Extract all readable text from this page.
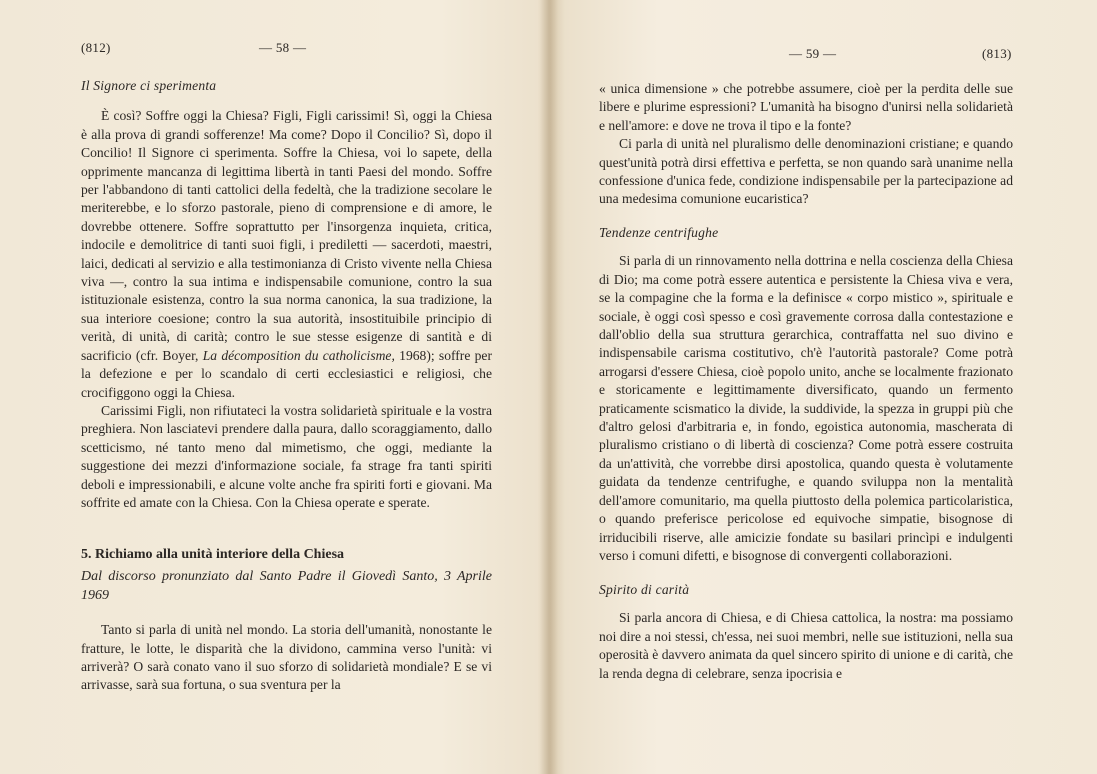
(812)	— 58 —

Il Signore ci sperimenta

È così? Soffre oggi la Chiesa? Figli, Figli carissimi! Sì, oggi la Chiesa è alla prova di grandi sofferenze! Ma come? Dopo il Concilio? Sì, dopo il Concilio! Il Signore ci sperimenta. Soffre la Chiesa, voi lo sapete, della opprimente mancanza di legittima libertà in tanti Paesi del mondo. Soffre per l'abbandono di tanti cattolici della fedeltà, che la tradizione secolare le meriterebbe, e lo sforzo pastorale, pieno di comprensione e di amore, le dovrebbe ottenere. Soffre soprattutto per l'insorgenza inquieta, critica, indocile e demolitrice di tanti suoi figli, i prediletti — sacerdoti, maestri, laici, dedicati al servizio e alla testimonianza di Cristo vivente nella Chiesa viva —, contro la sua intima e indispensabile comunione, contro la sua istituzionale esistenza, contro la sua norma canonica, la sua tradizione, la sua interiore coesione; contro la sua autorità, insostituibile principio di verità, di unità, di carità; contro le sue stesse esigenze di santità e di sacrificio (cfr. Boyer, La décomposition du catholicisme, 1968); soffre per la defezione e per lo scandalo di certi ecclesiastici e religiosi, che crocifiggono oggi la Chiesa.

Carissimi Figli, non rifiutateci la vostra solidarietà spirituale e la vostra preghiera. Non lasciatevi prendere dalla paura, dallo scoraggiamento, dallo scetticismo, né tanto meno dal mimetismo, che oggi, mediante la suggestione dei mezzi d'informazione sociale, fa strage fra tanti spiriti deboli e impressionabili, e alcune volte anche fra spiriti forti e giovani. Ma soffrite ed amate con la Chiesa. Con la Chiesa operate e sperate.

5. Richiamo alla unità interiore della Chiesa

Dal discorso pronunziato dal Santo Padre il Giovedì Santo, 3 Aprile 1969

Tanto si parla di unità nel mondo. La storia dell'umanità, nonostante le fratture, le lotte, le disparità che la dividono, cammina verso l'unità: vi arriverà? O sarà conato vano il suo sforzo di solidarietà mondiale? E se vi arrivasse, sarà sua fortuna, o sua sventura per la

— 59 —	(813)

« unica dimensione » che potrebbe assumere, cioè per la perdita delle sue libere e plurime espressioni? L'umanità ha bisogno d'unirsi nella solidarietà e nell'amore: e dove ne trova il tipo e la fonte?

Ci parla di unità nel pluralismo delle denominazioni cristiane; e quando quest'unità potrà dirsi effettiva e perfetta, se non quando sarà unanime nella confessione d'unica fede, condizione indispensabile per la partecipazione ad una medesima comunione eucaristica?

Tendenze centrifughe

Si parla di un rinnovamento nella dottrina e nella coscienza della Chiesa di Dio; ma come potrà essere autentica e persistente la Chiesa viva e vera, se la compagine che la forma e la definisce « corpo mistico », spirituale e sociale, è oggi così spesso e così gravemente corrosa dalla contestazione e dall'oblio della sua struttura gerarchica, contraffatta nel suo divino e indispensabile carisma costitutivo, ch'è l'autorità pastorale? Come potrà arrogarsi d'essere Chiesa, cioè popolo unito, anche se localmente frazionato e storicamente e legittimamente diversificato, quando un fermento praticamente scismatico la divide, la suddivide, la spezza in gruppi più che d'altro gelosi d'arbitraria e, in fondo, egoistica autonomia, mascherata di pluralismo cristiano o di libertà di coscienza? Come potrà essere costruita da un'attività, che vorrebbe dirsi apostolica, quando questa è volutamente guidata da tendenze centrifughe, e quando sviluppa non la mentalità dell'amore comunitario, ma quella piuttosto della polemica particolaristica, o quando preferisce pericolose ed equivoche simpatie, bisognose di irriducibili riserve, alle amicizie fondate su basilari princìpi e indulgenti verso i comuni difetti, e bisognose di convergenti collaborazioni.

Spirito di carità

Si parla ancora di Chiesa, e di Chiesa cattolica, la nostra: ma possiamo noi dire a noi stessi, ch'essa, nei suoi membri, nelle sue istituzioni, nella sua operosità è davvero animata da quel sincero spirito di unione e di carità, che la renda degna di celebrare, senza ipocrisia e
